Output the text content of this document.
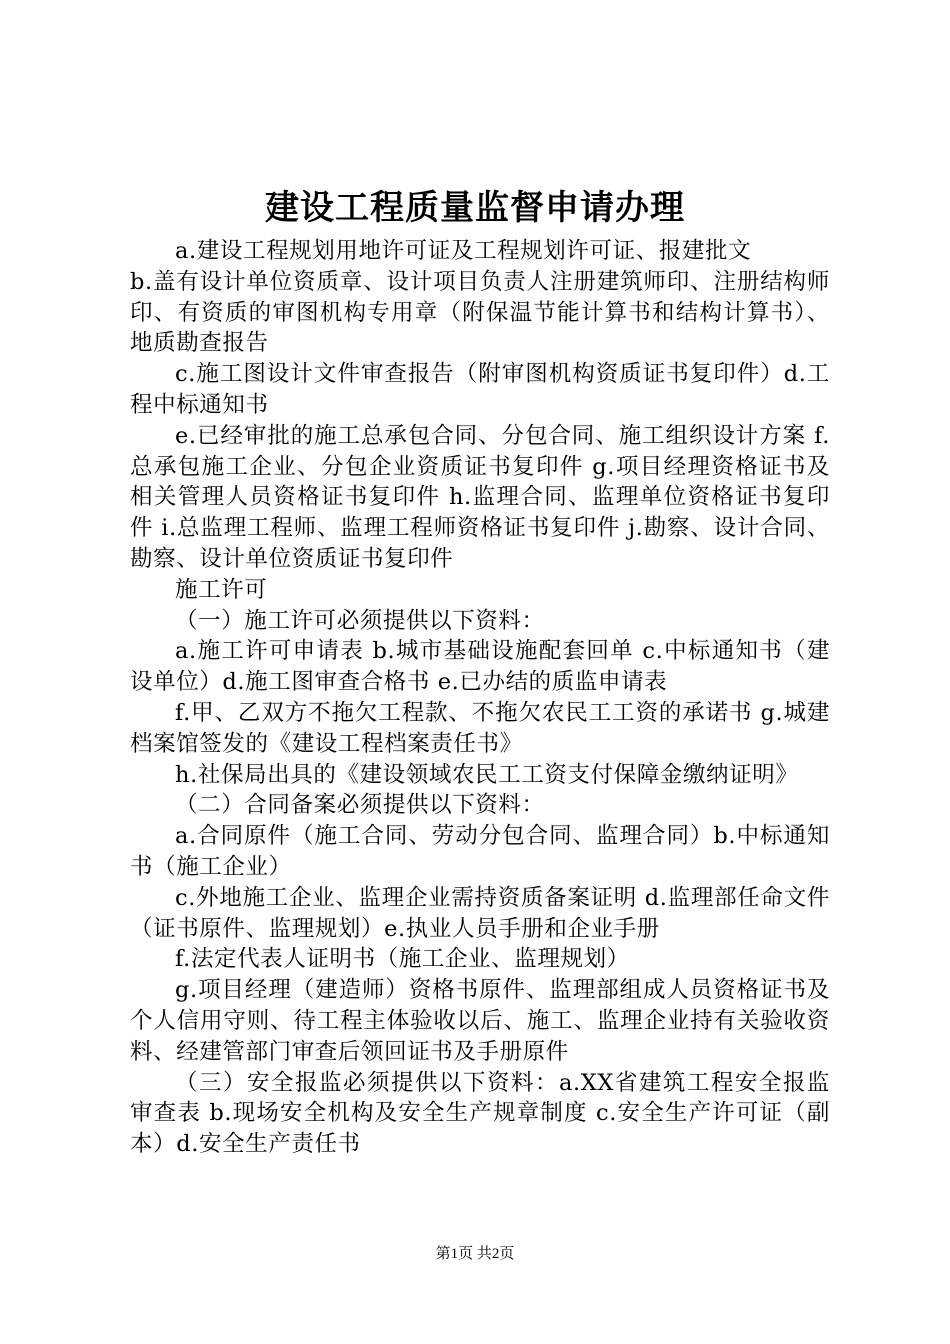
建设工程质量监督申请办理

a.建设工程规划用地许可证及工程规划许可证、报建批文

b.盖有设计单位资质章、设计项目负责人注册建筑师印、注册结构师印、有资质的审图机构专用章（附保温节能计算书和结构计算书）、地质勘查报告

c.施工图设计文件审查报告（附审图机构资质证书复印件）d.工程中标通知书

e.已经审批的施工总承包合同、分包合同、施工组织设计方案 f.总承包施工企业、分包企业资质证书复印件 g.项目经理资格证书及相关管理人员资格证书复印件 h.监理合同、监理单位资格证书复印件 i.总监理工程师、监理工程师资格证书复印件 j.勘察、设计合同、勘察、设计单位资质证书复印件

施工许可

（一）施工许可必须提供以下资料：

a.施工许可申请表 b.城市基础设施配套回单 c.中标通知书（建设单位）d.施工图审查合格书 e.已办结的质监申请表

f.甲、乙双方不拖欠工程款、不拖欠农民工工资的承诺书 g.城建档案馆签发的《建设工程档案责任书》

h.社保局出具的《建设领域农民工工资支付保障金缴纳证明》

（二）合同备案必须提供以下资料：

a.合同原件（施工合同、劳动分包合同、监理合同）b.中标通知书（施工企业）

c.外地施工企业、监理企业需持资质备案证明 d.监理部任命文件（证书原件、监理规划）e.执业人员手册和企业手册

f.法定代表人证明书（施工企业、监理规划）

g.项目经理（建造师）资格书原件、监理部组成人员资格证书及个人信用守则、待工程主体验收以后、施工、监理企业持有关验收资料、经建管部门审查后领回证书及手册原件

（三）安全报监必须提供以下资料：a.XX省建筑工程安全报监审查表 b.现场安全机构及安全生产规章制度 c.安全生产许可证（副本）d.安全生产责任书

第1页 共2页
